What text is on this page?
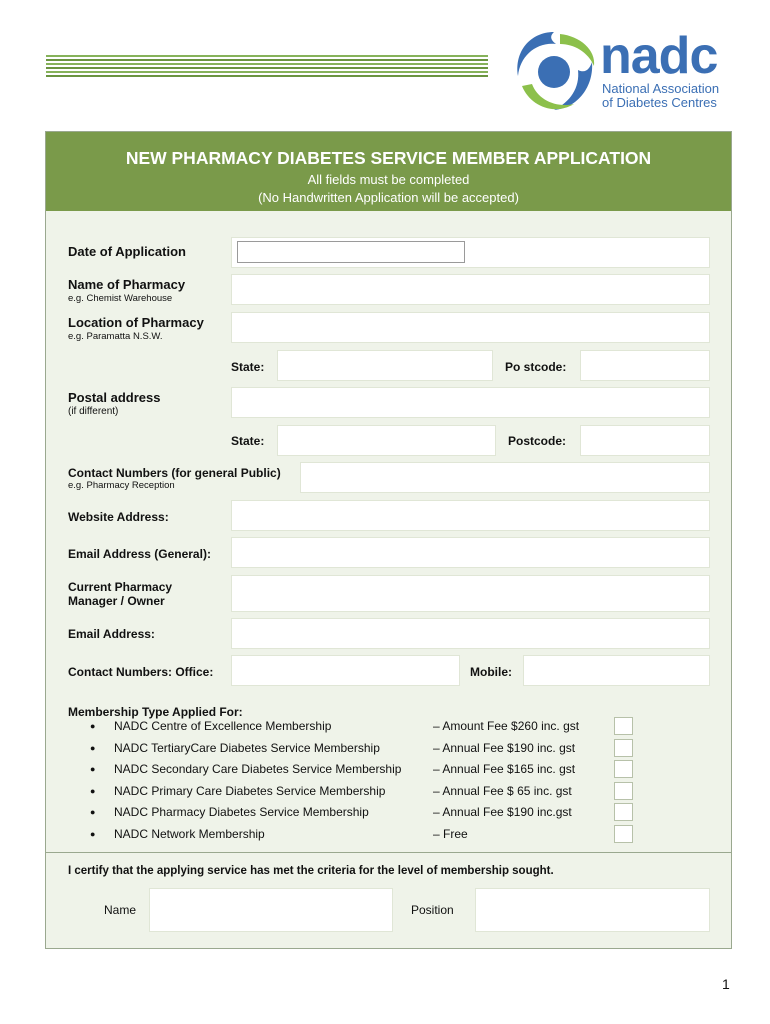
nadc
National Association
of Diabetes Centres
NEW PHARMACY DIABETES SERVICE MEMBER APPLICATION
All fields must be completed
(No Handwritten Application will be accepted)
Date of Application
Name of Pharmacy
e.g. Chemist Warehouse
Location of Pharmacy
e.g. Paramatta N.S.W.
State:	Po stcode:
Postal address
(if different)
State:	Postcode:
Contact Numbers (for general Public)
e.g. Pharmacy Reception
Website Address:
Email Address (General):
Current Pharmacy
Manager / Owner
Email Address:
Contact Numbers: Office:	Mobile:
Membership Type Applied For:
● NADC Centre of Excellence Membership	– Amount Fee $260 inc. gst
● NADC TertiaryCare Diabetes Service Membership	– Annual Fee $190 inc. gst
● NADC Secondary Care Diabetes Service Membership	– Annual Fee $165 inc. gst
● NADC Primary Care Diabetes Service Membership	– Annual Fee $ 65 inc. gst
● NADC Pharmacy Diabetes Service Membership	– Annual Fee $190 inc.gst
● NADC Network Membership	– Free
I certify that the applying service has met the criteria for the level of membership sought.
Name	Position
1
